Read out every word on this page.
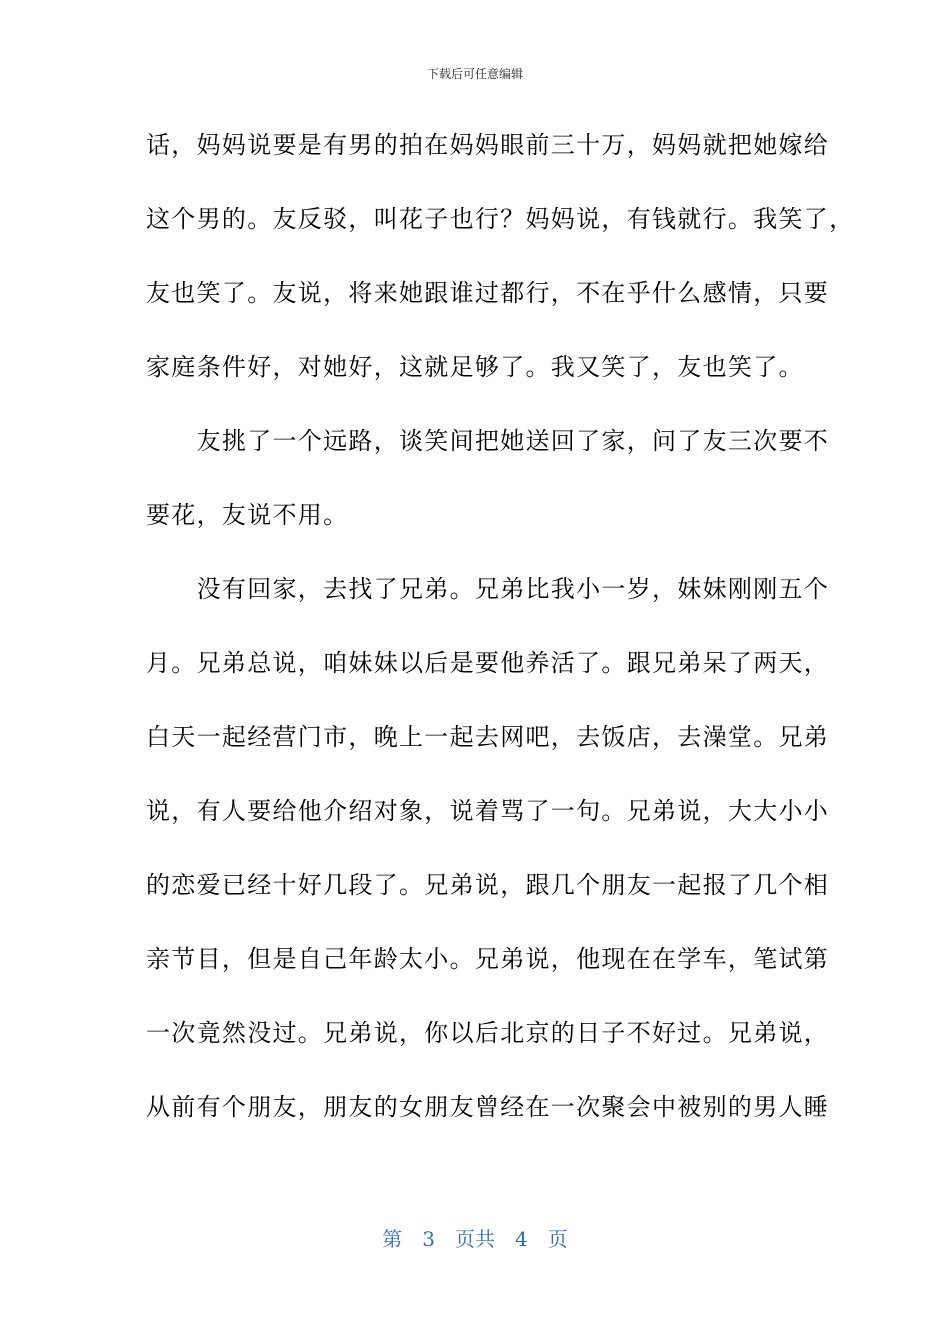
下载后可任意编辑
话，妈妈说要是有男的拍在妈妈眼前三十万，妈妈就把她嫁给
这个男的。友反驳，叫花子也行？妈妈说，有钱就行。我笑了，
友也笑了。友说，将来她跟谁过都行，不在乎什么感情，只要
家庭条件好，对她好，这就足够了。我又笑了，友也笑了。
　　友挑了一个远路，谈笑间把她送回了家，问了友三次要不
要花，友说不用。
　　没有回家，去找了兄弟。兄弟比我小一岁，妹妹刚刚五个
月。兄弟总说，咱妹妹以后是要他养活了。跟兄弟呆了两天，
白天一起经营门市，晚上一起去网吧，去饭店，去澡堂。兄弟
说，有人要给他介绍对象，说着骂了一句。兄弟说，大大小小
的恋爱已经十好几段了。兄弟说，跟几个朋友一起报了几个相
亲节目，但是自己年龄太小。兄弟说，他现在在学车，笔试第
一次竟然没过。兄弟说，你以后北京的日子不好过。兄弟说，
从前有个朋友，朋友的女朋友曾经在一次聚会中被别的男人睡
第　3　页共　4　页
